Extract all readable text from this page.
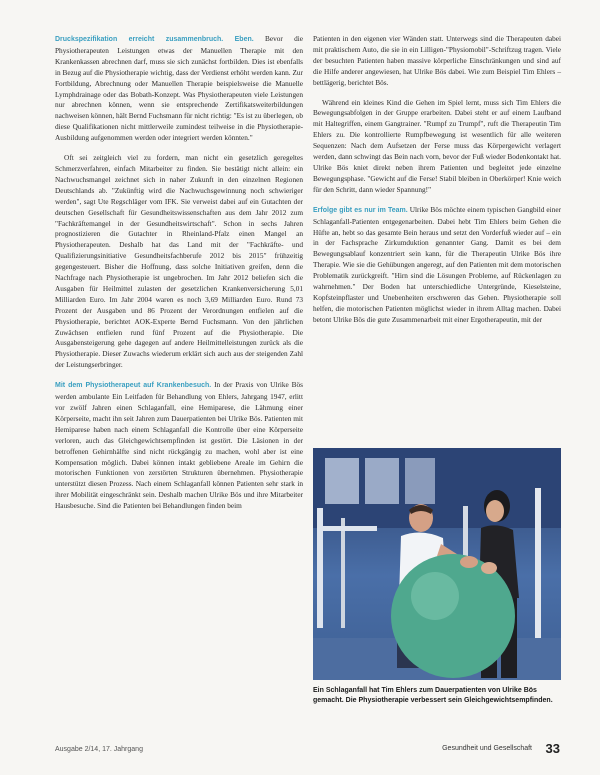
Druckspezifikation erreicht zusammenbruch. Eben. Bevor die Physiotherapeuten Leistungen etwas der Manuellen Therapie mit den Krankenkassen abrechnen darf, muss sie sich zunächst fortbilden. Dies ist ebenfalls in Bezug auf die Physiotherapie wichtig, dass der Verdienst erhöht werden kann. Zur Fortbildung, Abrechnung oder Manuellen Therapie beispielsweise die Manuelle Lymphdrainage oder das Bobath-Konzept. Was Physiotherapeuten viele Leistungen nur abrechnen können, wenn sie entsprechende Zertifikatsweiterbildungen nachweisen können, hält Bernd Fuchsmann für nicht richtig: "Es ist zu überlegen, ob diese Qualifikationen nicht mittlerweile zumindest teilweise in die Physiotherapie-Ausbildung aufgenommen werden oder integriert werden könnten."

Oft sei zeitgleich viel zu fordern, man nicht ein gesetzlich geregeltes Schmerzverfahren, einfach Mitarbeiter zu finden. Sie bestätigt nicht allein: ein Nachwuchsmangel zeichnet sich in naher Zukunft in den einzelnen Regionen Deutschlands ab. "Zukünftig wird die Nachwuchsgewinnung noch schwieriger werden", sagt Ute Regschläger vom IFK. Sie verweist dabei auf ein Gutachten der deutschen Gesellschaft für Gesundheitswissenschaften aus dem Jahr 2012 zum "Fachkräftemangel in der Gesundheitswirtschaft". Schon in sechs Jahren prognostizieren die Gutachter in Rheinland-Pfalz einen Mangel an Physiotherapeuten. Deshalb hat das Land mit der "Fachkräfte- und Qualifizierungsinitiative Gesundheitsfachberufe 2012 bis 2015" frühzeitig gegengesteuert. Bisher die Hoffnung, dass solche Initiativen greifen, denn die Nachfrage nach Physiotherapie ist ungebrochen. Im Jahr 2012 beliefen sich die Ausgaben für Heilmittel zulasten der gesetzlichen Krankenversicherung 5,01 Milliarden Euro. Im Jahr 2004 waren es noch 3,69 Milliarden Euro. Rund 73 Prozent der Ausgaben und 86 Prozent der Verordnungen entfielen auf die Physiotherapie, berichtet AOK-Experte Bernd Fuchsmann. Von den jährlichen Zuwächsen entfielen rund fünf Prozent auf die Physiotherapie. Die Ausgabensteigerung gehe dagegen auf andere Heilmittelleistungen zurück als die Physiotherapie. Dieser Zuwachs wiederum erklärt sich auch aus der steigenden Zahl der Leistungserbringer.

Mit dem Physiotherapeut auf Krankenbesuch. In der Praxis von Ulrike Bös werden ambulante Ein Leitfaden für Behandlung von Ehlers, Jahrgang 1947, erlitt vor zwölf Jahren einen Schlaganfall, eine Hemiparese, die Lähmung einer Körperseite, macht ihn seit Jahren zum Dauerpatienten bei Ulrike Bös. Patienten mit Hemiparese haben nach einem Schlaganfall die Kontrolle über eine Körperseite verloren, auch das Gleichgewichtsempfinden ist gestört. Die Läsionen in der betroffenen Gehirnhälfte sind nicht rückgängig zu machen, wohl aber ist eine Kompensation möglich. Dabei können intakt gebliebene Areale im Gehirn die motorischen Funktionen von zerstörten Strukturen übernehmen. Physiotherapie unterstützt diesen Prozess. Nach einem Schlaganfall können Patienten sehr stark in ihrer Mobilität eingeschränkt sein. Deshalb machen Ulrike Bös und ihre Mitarbeiter Hausbesuche. Sind die Patienten bei Behandlungen finden beim

Patienten in den eigenen vier Wänden statt. Unterwegs sind die Therapeuten dabei mit praktischem Auto, die sie in ein Lilligen-"Physiomobil"-Schriftzug tragen. Viele der besuchten Patienten haben massive körperliche Einschränkungen und sind auf die Hilfe anderer angewiesen, hat Ulrike Bös dabei. Wie zum Beispiel Tim Ehlers – bettlägerig, berichtet Bös.

Während ein kleines Kind die Gehen im Spiel lernt, muss sich Tim Ehlers die Bewegungsabfolgen in der Gruppe erarbeiten. Dabei steht er auf einem Laufband mit Haltegriffen, einem Gangtrainer. "Rumpf zu Trumpf", ruft die Therapeutin Tim Ehlers zu. Die kontrollierte Rumpfbewegung ist wesentlich für alle weiteren Sequenzen: Nach dem Aufsetzen der Ferse muss das Körpergewicht verlagert werden, dann schwingt das Bein nach vorn, bevor der Fuß wieder Bodenkontakt hat. Ulrike Bös kniet direkt neben ihrem Patienten und begleitet jede einzelne Bewegungsphase. "Gewicht auf die Ferse! Stabil bleiben in Oberkörper! Knie weich für den Schritt, dann wieder Spannung!"

Erfolge gibt es nur im Team. Ulrike Bös möchte einem typischen Gangbild einer Schlaganfall-Patienten entgegenarbeiten. Dabei hebt Tim Ehlers beim Gehen die Hüfte an, hebt so das gesamte Bein heraus und setzt den Vorderfuß wieder auf – ein in der Fachsprache Zirkumduktion genannter Gang. Damit es bei dem Bewegungsablauf konzentriert sein kann, für die Therapeutin Ulrike Bös ihre Therapie. Wie sie die Gehübungen angeregt, auf den Patienten mit dem motorischen Problematik zurückgreift. "Hirn sind die Lösungen Probleme, auf Rückenlagen zu wahrnehmen." Der Boden hat unterschiedliche Untergründe, Kieselsteine, Kopfsteinpflaster und Unebenheiten erschweren das Gehen. Physiotherapie soll helfen, die motorischen Patienten möglichst wieder in ihrem Alltag machen. Dabei betont Ulrike Bös die gute Zusammenarbeit mit einer Ergotherapeutin, mit der

Ein Schlaganfall hat Tim Ehlers zum Dauerpatienten von Ulrike Bös gemacht. Die Physiotherapie verbessert sein Gleichgewichtsempfinden.
Ausgabe 2/14, 17. Jahrgang	Gesundheit und Gesellschaft 33
